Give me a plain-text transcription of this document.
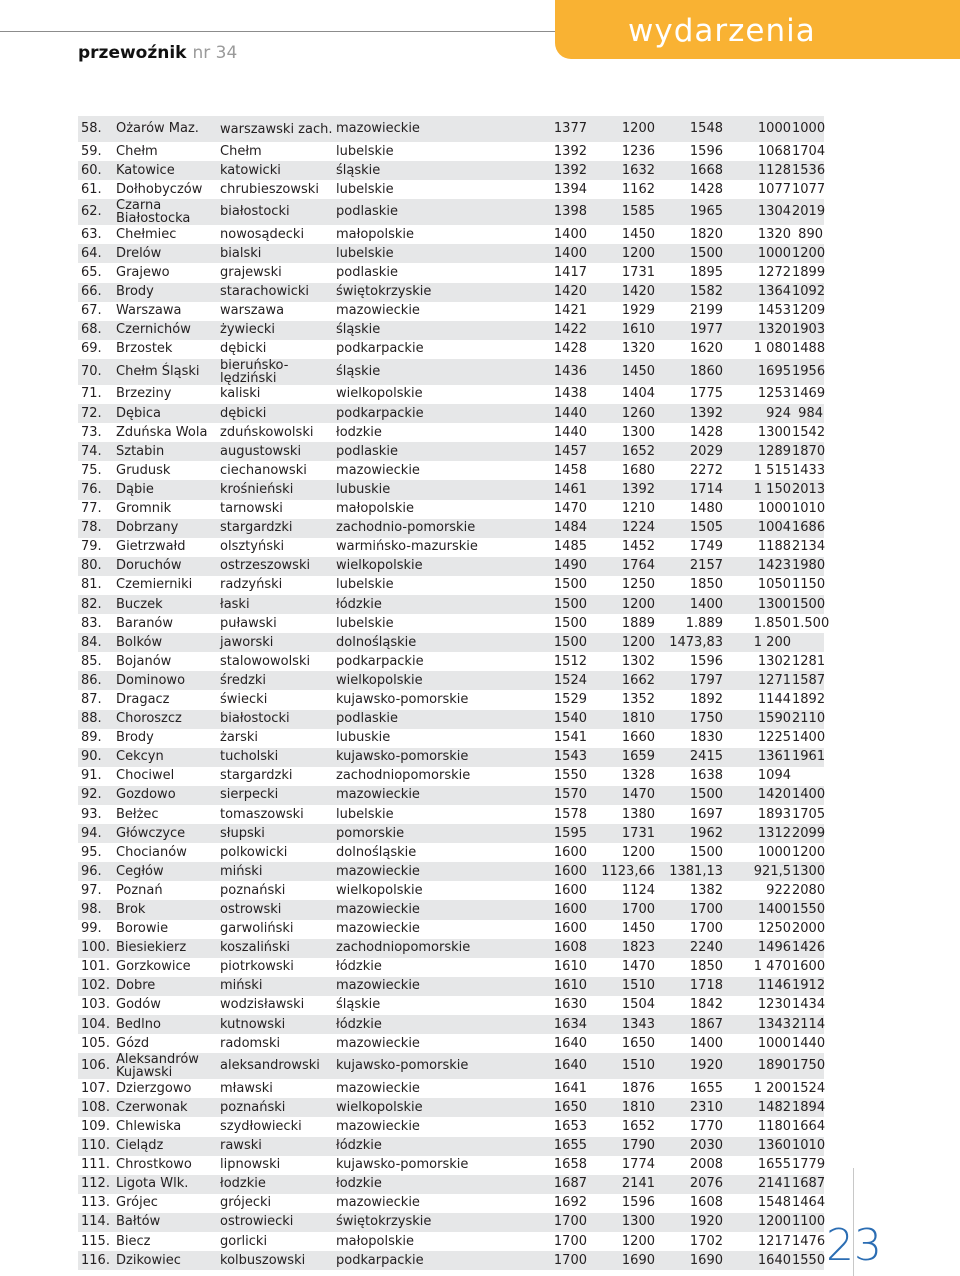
przewoźnik nr 34
wydarzenia
58.	Ożarów Maz.	warszawski zach.	mazowieckie	1377	1200	1548	1000	1000
59.	Chełm	Chełm	lubelskie	1392	1236	1596	1068	1704
60.	Katowice	katowicki	śląskie	1392	1632	1668	1128	1536
61.	Dołhobyczów	chrubieszowski	lubelskie	1394	1162	1428	1077	1077
62.	Czarna Białostocka	białostocki	podlaskie	1398	1585	1965	1304	2019
63.	Chełmiec	nowosądecki	małopolskie	1400	1450	1820	1320	890
64.	Drelów	bialski	lubelskie	1400	1200	1500	1000	1200
65.	Grajewo	grajewski	podlaskie	1417	1731	1895	1272	1899
66.	Brody	starachowicki	świętokrzyskie	1420	1420	1582	1364	1092
67.	Warszawa	warszawa	mazowieckie	1421	1929	2199	1453	1209
68.	Czernichów	żywiecki	śląskie	1422	1610	1977	1320	1903
69.	Brzostek	dębicki	podkarpackie	1428	1320	1620	1 080	1488
70.	Chełm Śląski	bieruńsko-lędziński	śląskie	1436	1450	1860	1695	1956
71.	Brzeziny	kaliski	wielkopolskie	1438	1404	1775	1253	1469
72.	Dębica	dębicki	podkarpackie	1440	1260	1392	924	984
73.	Zduńska Wola	zduńskowolski	łodzkie	1440	1300	1428	1300	1542
74.	Sztabin	augustowski	podlaskie	1457	1652	2029	1289	1870
75.	Grudusk	ciechanowski	mazowieckie	1458	1680	2272	1 515	1433
76.	Dąbie	krośnieński	lubuskie	1461	1392	1714	1 150	2013
77.	Gromnik	tarnowski	małopolskie	1470	1210	1480	1000	1010
78.	Dobrzany	stargardzki	zachodnio-pomorskie	1484	1224	1505	1004	1686
79.	Gietrzwałd	olsztyński	warmińsko-mazurskie	1485	1452	1749	1188	2134
80.	Doruchów	ostrzeszowski	wielkopolskie	1490	1764	2157	1423	1980
81.	Czemierniki	radzyński	lubelskie	1500	1250	1850	1050	1150
82.	Buczek	łaski	łódzkie	1500	1200	1400	1300	1500
83.	Baranów	puławski	lubelskie	1500	1889	1.889	1.850	1.500
84.	Bolków	jaworski	dolnośląskie	1500	1200	1473,83	1 200	
85.	Bojanów	stalowowolski	podkarpackie	1512	1302	1596	1302	1281
86.	Dominowo	średzki	wielkopolskie	1524	1662	1797	1271	1587
87.	Dragacz	świecki	kujawsko-pomorskie	1529	1352	1892	1144	1892
88.	Choroszcz	białostocki	podlaskie	1540	1810	1750	1590	2110
89.	Brody	żarski	lubuskie	1541	1660	1830	1225	1400
90.	Cekcyn	tucholski	kujawsko-pomorskie	1543	1659	2415	1361	1961
91.	Chociwel	stargardzki	zachodniopomorskie	1550	1328	1638	1094	
92.	Gozdowo	sierpecki	mazowieckie	1570	1470	1500	1420	1400
93.	Bełżec	tomaszowski	lubelskie	1578	1380	1697	1893	1705
94.	Główczyce	słupski	pomorskie	1595	1731	1962	1312	2099
95.	Chocianów	polkowicki	dolnośląskie	1600	1200	1500	1000	1200
96.	Cegłów	miński	mazowieckie	1600	1123,66	1381,13	921,5	1300
97.	Poznań	poznański	wielkopolskie	1600	1124	1382	922	2080
98.	Brok	ostrowski	mazowieckie	1600	1700	1700	1400	1550
99.	Borowie	garwoliński	mazowieckie	1600	1450	1700	1250	2000
100.	Biesiekierz	koszaliński	zachodniopomorskie	1608	1823	2240	1496	1426
101.	Gorzkowice	piotrkowski	łódzkie	1610	1470	1850	1 470	1600
102.	Dobre	miński	mazowieckie	1610	1510	1718	1146	1912
103.	Godów	wodzisławski	śląskie	1630	1504	1842	1230	1434
104.	Bedlno	kutnowski	łódzkie	1634	1343	1867	1343	2114
105.	Gózd	radomski	mazowieckie	1640	1650	1400	1000	1440
106.	Aleksandrów Kujawski	aleksandrowski	kujawsko-pomorskie	1640	1510	1920	1890	1750
107.	Dzierzgowo	mławski	mazowieckie	1641	1876	1655	1 200	1524
108.	Czerwonak	poznański	wielkopolskie	1650	1810	2310	1482	1894
109.	Chlewiska	szydłowiecki	mazowieckie	1653	1652	1770	1180	1664
110.	Cielądz	rawski	łódzkie	1655	1790	2030	1360	1010
111.	Chrostkowo	lipnowski	kujawsko-pomorskie	1658	1774	2008	1655	1779
112.	Ligota Wlk.	łodzkie	łodzkie	1687	2141	2076	2141	1687
113.	Grójec	grójecki	mazowieckie	1692	1596	1608	1548	1464
114.	Bałtów	ostrowiecki	świętokrzyskie	1700	1300	1920	1200	1100
115.	Biecz	gorlicki	małopolskie	1700	1200	1702	1217	1476
116.	Dzikowiec	kolbuszowski	podkarpackie	1700	1690	1690	1640	1550 23
